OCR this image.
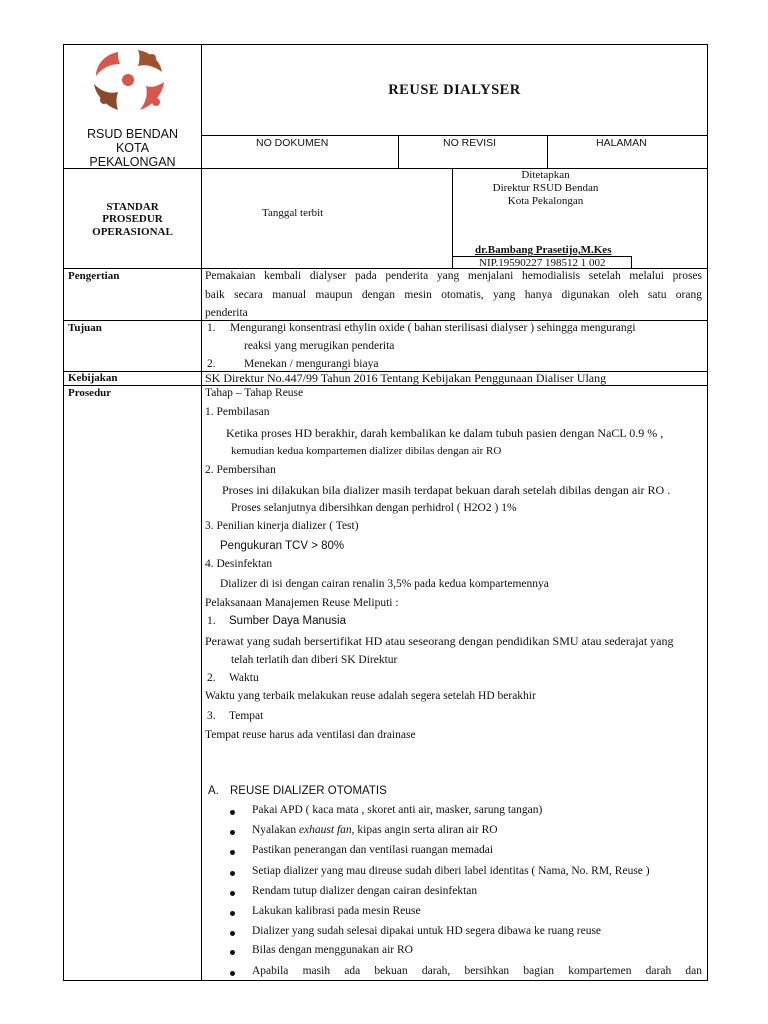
RSUD BENDAN
KOTA
PEKALONGAN
REUSE DIALYSER
NO DOKUMEN	NO REVISI	HALAMAN
STANDAR
PROSEDUR
OPERASIONAL
Tanggal terbit
Ditetapkan
Direktur RSUD Bendan
Kota Pekalongan
dr.Bambang Prasetijo,M.Kes
NIP.19590227 198512 1 002
Pengertian	Pemakaian kembali dialyser pada penderita yang menjalani hemodialisis setelah melalui proses
baik secara manual maupun dengan mesin otomatis, yang hanya digunakan oleh satu orang
penderita
Tujuan	1. Mengurangi konsentrasi ethylin oxide ( bahan sterilisasi dialyser ) sehingga mengurangi
reaksi yang merugikan penderita
2. Menekan / mengurangi biaya
Kebijakan	SK Direktur No.447/99 Tahun 2016 Tentang Kebijakan Penggunaan Dialiser Ulang
Prosedur	Tahap – Tahap Reuse
1. Pembilasan
Ketika proses HD berakhir, darah kembalikan ke dalam tubuh pasien dengan NaCL 0.9 % ,
kemudian kedua kompartemen dializer dibilas dengan air RO
2. Pembersihan
Proses ini dilakukan bila dializer masih terdapat bekuan darah setelah dibilas dengan air RO .
Proses selanjutnya dibersihkan dengan perhidrol ( H2O2 ) 1%
3. Penilian kinerja dializer ( Test)
Pengukuran TCV > 80%
4. Desinfektan
Dializer di isi dengan cairan renalin 3,5% pada kedua kompartemennya
Pelaksanaan Manajemen Reuse Meliputi :
1. Sumber Daya Manusia
Perawat yang sudah bersertifikat HD atau seseorang dengan pendidikan SMU atau sederajat yang
telah terlatih dan diberi SK Direktur
2. Waktu
Waktu yang terbaik melakukan reuse adalah segera setelah HD berakhir
3. Tempat
Tempat reuse harus ada ventilasi dan drainase
A. REUSE DIALIZER OTOMATIS
Pakai APD ( kaca mata , skoret anti air, masker, sarung tangan)
Nyalakan exhaust fan, kipas angin serta aliran air RO
Pastikan penerangan dan ventilasi ruangan memadai
Setiap dializer yang mau direuse sudah diberi label identitas ( Nama, No. RM, Reuse )
Rendam tutup dializer dengan cairan desinfektan
Lakukan kalibrasi pada mesin Reuse
Dializer yang sudah selesai dipakai untuk HD segera dibawa ke ruang reuse
Bilas dengan menggunakan air RO
Apabila masih ada bekuan darah, bersihkan bagian kompartemen darah dan
